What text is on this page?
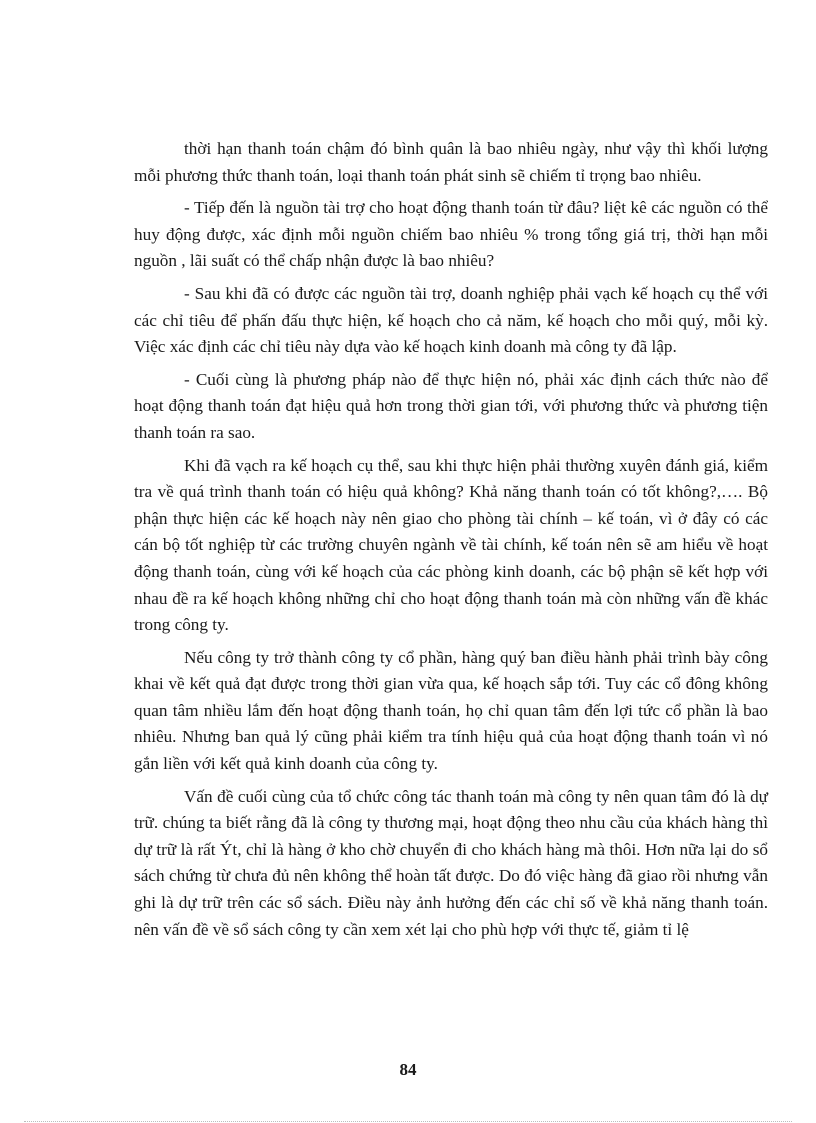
thời hạn thanh toán chậm đó bình quân là bao nhiêu ngày, như vậy thì khối lượng mỗi phương thức thanh toán, loại thanh toán phát sinh sẽ chiếm tỉ trọng bao nhiêu.

- Tiếp đến là nguồn tài trợ cho hoạt động thanh toán từ đâu? liệt kê các nguồn có thể huy động được, xác định mỗi nguồn chiếm bao nhiêu % trong tổng giá trị, thời hạn mỗi nguồn , lãi suất có thể chấp nhận được là bao nhiêu?

- Sau khi đã có được các nguồn tài trợ, doanh nghiệp phải vạch kế hoạch cụ thể với các chỉ tiêu để phấn đấu thực hiện, kế hoạch cho cả năm, kế hoạch cho mỗi quý, mỗi kỳ. Việc xác định các chỉ tiêu này dựa vào kế hoạch kinh doanh mà công ty đã lập.

- Cuối cùng là phương pháp nào để thực hiện nó, phải xác định cách thức nào để hoạt động thanh toán đạt hiệu quả hơn trong thời gian tới, với phương thức và phương tiện thanh toán ra sao.

Khi đã vạch ra kế hoạch cụ thể, sau khi thực hiện phải thường xuyên đánh giá, kiểm tra về quá trình thanh toán có hiệu quả không? Khả năng thanh toán có tốt không?,…. Bộ phận thực hiện các kế hoạch này nên giao cho phòng tài chính – kế toán, vì ở đây có các cán bộ tốt nghiệp từ các trường chuyên ngành về tài chính, kế toán nên sẽ am hiểu về hoạt động thanh toán, cùng với kế hoạch của các phòng kinh doanh, các bộ phận sẽ kết hợp với nhau đề ra kế hoạch không những chỉ cho hoạt động thanh toán mà còn những vấn đề khác trong công ty.

Nếu công ty trở thành công ty cổ phần, hàng quý ban điều hành phải trình bày công khai về kết quả đạt được trong thời gian vừa qua, kế hoạch sắp tới. Tuy các cổ đông không quan tâm nhiều lắm đến hoạt động thanh toán, họ chỉ quan tâm đến lợi tức cổ phần là bao nhiêu. Nhưng ban quả lý cũng phải kiểm tra tính hiệu quả của hoạt động thanh toán vì nó gắn liền với kết quả kinh doanh của công ty.

Vấn đề cuối cùng của tổ chức công tác thanh toán mà công ty nên quan tâm đó là dự trữ. chúng ta biết rằng đã là công ty thương mại, hoạt động theo nhu cầu của khách hàng thì dự trữ là rất Ýt, chỉ là hàng ở kho chờ chuyển đi cho khách hàng mà thôi. Hơn nữa lại do sổ sách chứng từ chưa đủ nên không thể hoàn tất được. Do đó việc hàng đã giao rồi nhưng vẫn ghi là dự trữ trên các sổ sách. Điều này ảnh hưởng đến các chỉ số về khả năng thanh toán. nên vấn đề về sổ sách công ty cần xem xét lại cho phù hợp với thực tế, giảm tỉ lệ

84
